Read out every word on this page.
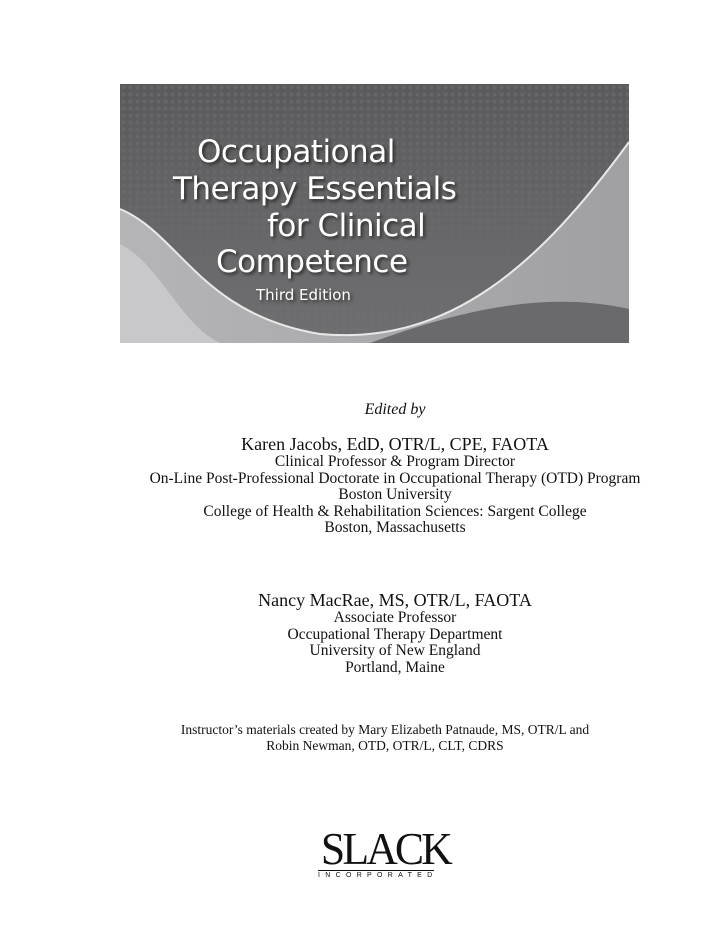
Occupational
Therapy Essentials
for Clinical
Competence
Third Edition
Edited by
Karen Jacobs, EdD, OTR/L, CPE, FAOTA
Clinical Professor & Program Director
On-Line Post-Professional Doctorate in Occupational Therapy (OTD) Program
Boston University
College of Health & Rehabilitation Sciences: Sargent College
Boston, Massachusetts
Nancy MacRae, MS, OTR/L, FAOTA
Associate Professor
Occupational Therapy Department
University of New England
Portland, Maine
Instructor’s materials created by Mary Elizabeth Patnaude, MS, OTR/L and
Robin Newman, OTD, OTR/L, CLT, CDRS
SLACK
INCORPORATED
